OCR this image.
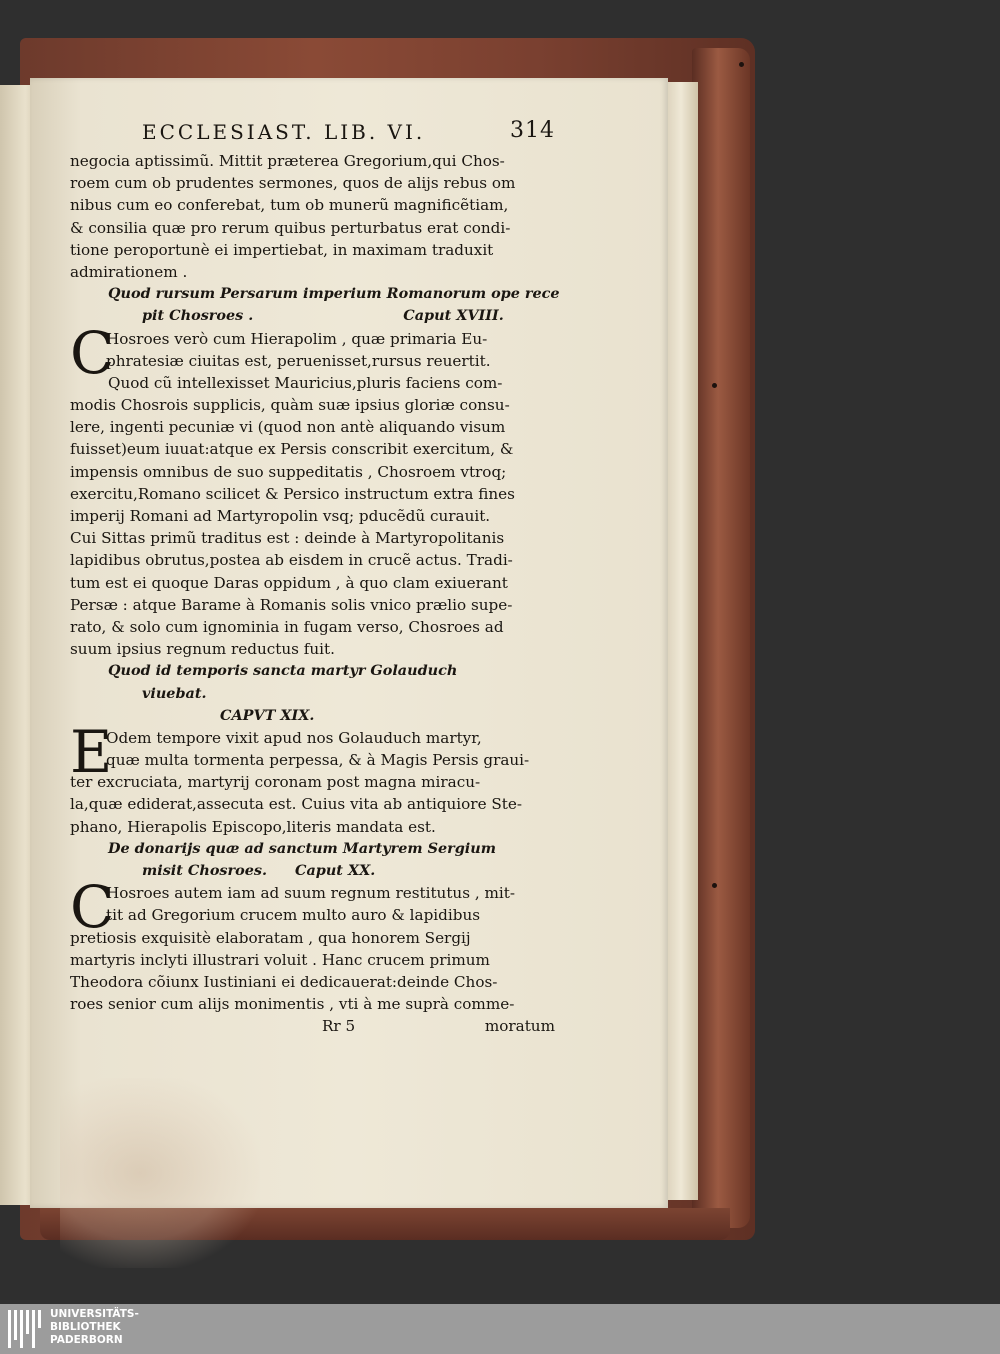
ECCLESIAST. LIB. VI.	314
negocia aptissimũ. Mittit præterea Gregorium,qui Chos-
roem cum ob prudentes sermones, quos de alijs rebus om
nibus cum eo conferebat, tum ob munerũ magnificẽtiam,
& consilia quæ pro rerum quibus perturbatus erat condi-
tione peroportunè ei impertiebat, in maximam traduxit
admirationem .
Quod rursum Persarum imperium Romanorum ope rece
pit Chosroes .	Caput XVIII.
C
Hosroes verò cum Hierapolim , quæ primaria Eu-
phratesiæ ciuitas est, peruenisset,rursus reuertit.
Quod cũ intellexisset Mauricius,pluris faciens com-
modis Chosrois supplicis, quàm suæ ipsius gloriæ consu-
lere, ingenti pecuniæ vi (quod non antè aliquando visum
fuisset)eum iuuat:atque ex Persis conscribit exercitum, &
impensis omnibus de suo suppeditatis , Chosroem vtroq;
exercitu,Romano scilicet & Persico instructum extra fines
imperij Romani ad Martyropolin vsq; pducẽdũ curauit.
Cui Sittas primũ traditus est : deinde à Martyropolitanis
lapidibus obrutus,postea ab eisdem in crucẽ actus. Tradi-
tum est ei quoque Daras oppidum , à quo clam exiuerant
Persæ : atque Barame à Romanis solis vnico prælio supe-
rato, & solo cum ignominia in fugam verso, Chosroes ad
suum ipsius regnum reductus fuit.
Quod id temporis sancta martyr Golauduch
viuebat.
CAPVT XIX.
E
Odem tempore vixit apud nos Golauduch martyr,
quæ multa tormenta perpessa, & à Magis Persis graui-
ter excruciata, martyrij coronam post magna miracu-
la,quæ ediderat,assecuta est. Cuius vita ab antiquiore Ste-
phano, Hierapolis Episcopo,literis mandata est.
De donarijs quæ ad sanctum Martyrem Sergium
misit Chosroes. Caput XX.
C
Hosroes autem iam ad suum regnum restitutus , mit-
tit ad Gregorium crucem multo auro & lapidibus
pretiosis exquisitè elaboratam , qua honorem Sergij
martyris inclyti illustrari voluit . Hanc crucem primum
Theodora cõiunx Iustiniani ei dedicauerat:deinde Chos-
roes senior cum alijs monimentis , vti à me suprà comme-
Rr 5	moratum
UNIVERSITÄTS-
BIBLIOTHEK
PADERBORN
